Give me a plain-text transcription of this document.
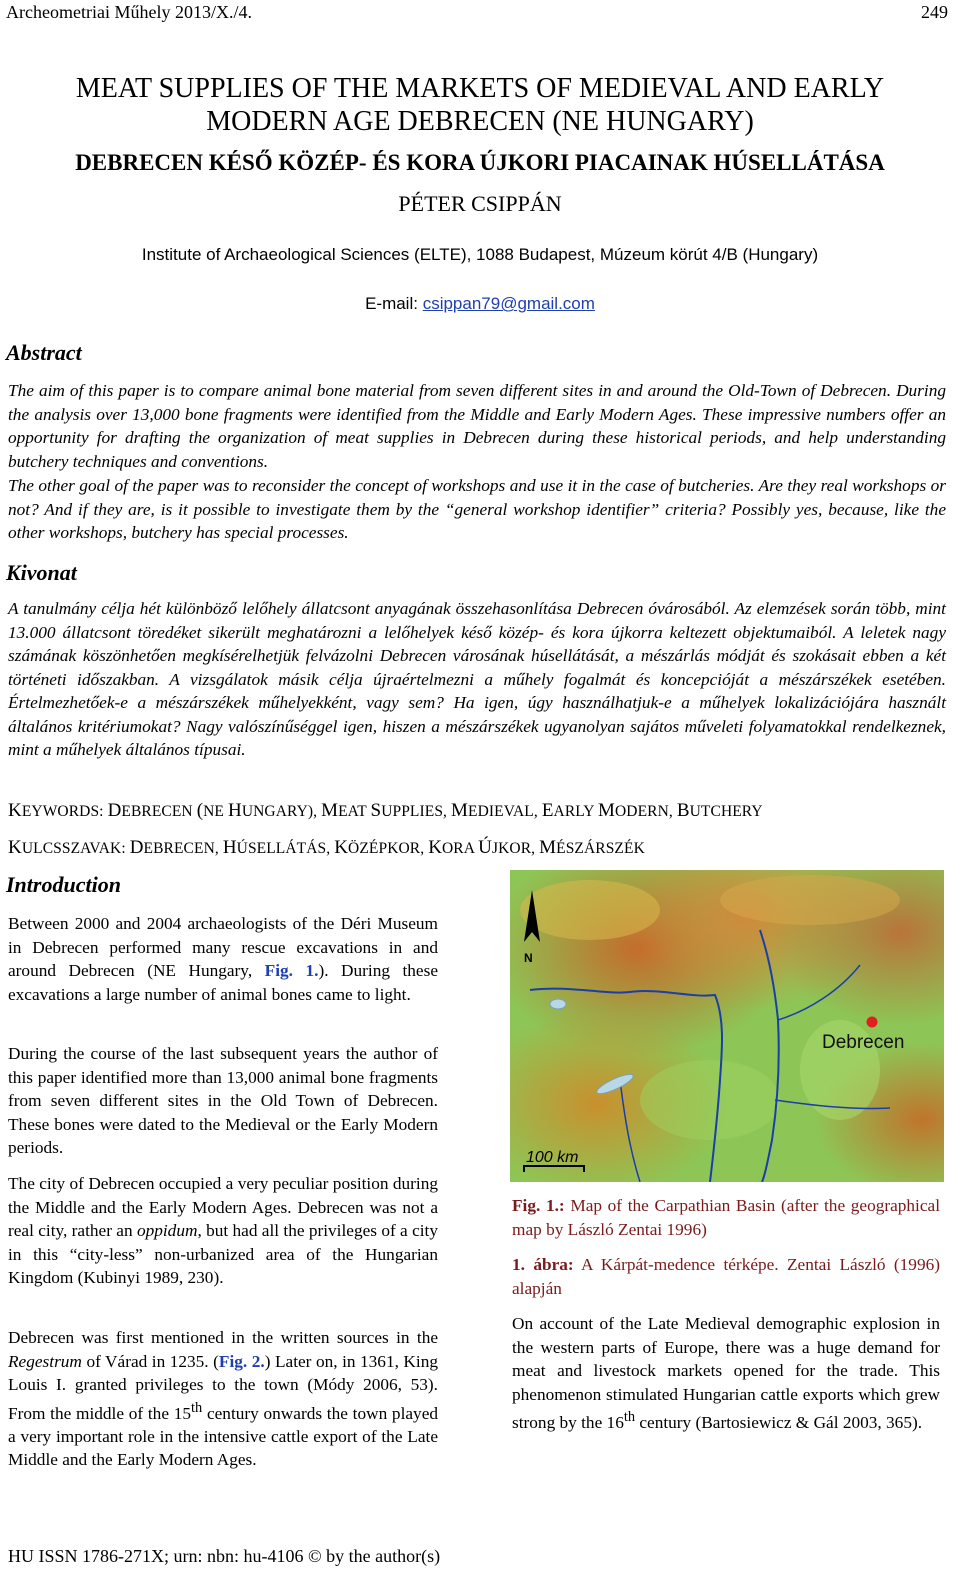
Archeometriai Műhely 2013/X./4.	249
MEAT SUPPLIES OF THE MARKETS OF MEDIEVAL AND EARLY
MODERN AGE DEBRECEN (NE HUNGARY)
DEBRECEN KÉSŐ KÖZÉP- ÉS KORA ÚJKORI PIACAINAK HÚSELLÁTÁSA
PÉTER CSIPPÁN
Institute of Archaeological Sciences (ELTE), 1088 Budapest, Múzeum körút 4/B (Hungary)
E-mail: csippan79@gmail.com
Abstract

The aim of this paper is to compare animal bone material from seven different sites in and around the Old-Town of Debrecen. During the analysis over 13,000 bone fragments were identified from the Middle and Early Modern Ages. These impressive numbers offer an opportunity for drafting the organization of meat supplies in Debrecen during these historical periods, and help understanding butchery techniques and conventions.

The other goal of the paper was to reconsider the concept of workshops and use it in the case of butcheries. Are they real workshops or not? And if they are, is it possible to investigate them by the “general workshop identifier” criteria? Possibly yes, because, like the other workshops, butchery has special processes.

Kivonat

A tanulmány célja hét különböző lelőhely állatcsont anyagának összehasonlítása Debrecen óvárosából. Az elemzések során több, mint 13.000 állatcsont töredéket sikerült meghatározni a lelőhelyek késő közép- és kora újkorra keltezett objektumaiból. A leletek nagy számának köszönhetően megkísérelhetjük felvázolni Debrecen városának húsellátását, a mészárlás módját és szokásait ebben a két történeti időszakban. A vizsgálatok másik célja újraértelmezni a műhely fogalmát és koncepcióját a mészárszékek esetében. Értelmezhetőek-e a mészárszékek műhelyekként, vagy sem? Ha igen, úgy használhatjuk-e a műhelyek lokalizációjára használt általános kritériumokat? Nagy valószínűséggel igen, hiszen a mészárszékek ugyanolyan sajátos műveleti folyamatokkal rendelkeznek, mint a műhelyek általános típusai.

KEYWORDS: DEBRECEN (NE HUNGARY), MEAT SUPPLIES, MEDIEVAL, EARLY MODERN, BUTCHERY
KULCSSZAVAK: DEBRECEN, HÚSELLÁTÁS, KÖZÉPKOR, KORA ÚJKOR, MÉSZÁRSZÉK
Introduction

Between 2000 and 2004 archaeologists of the Déri Museum in Debrecen performed many rescue excavations in and around Debrecen (NE Hungary, Fig. 1.). During these excavations a large number of animal bones came to light.

During the course of the last subsequent years the author of this paper identified more than 13,000 animal bone fragments from seven different sites in the Old Town of Debrecen. These bones were dated to the Medieval or the Early Modern periods.

The city of Debrecen occupied a very peculiar position during the Middle and the Early Modern Ages. Debrecen was not a real city, rather an oppidum, but had all the privileges of a city in this “city-less” non-urbanized area of the Hungarian Kingdom (Kubinyi 1989, 230).

Debrecen was first mentioned in the written sources in the Regestrum of Várad in 1235. (Fig. 2.) Later on, in 1361, King Louis I. granted privileges to the town (Módy 2006, 53). From the middle of the 15th century onwards the town played a very important role in the intensive cattle export of the Late Middle and the Early Modern Ages.

N
Debrecen
100 km

Fig. 1.: Map of the Carpathian Basin (after the geographical map by László Zentai 1996)

1. ábra: A Kárpát-medence térképe. Zentai László (1996) alapján

On account of the Late Medieval demographic explosion in the western parts of Europe, there was a huge demand for meat and livestock markets opened for the trade. This phenomenon stimulated Hungarian cattle exports which grew strong by the 16th century (Bartosiewicz & Gál 2003, 365).

HU ISSN 1786-271X; urn: nbn: hu-4106 © by the author(s)
